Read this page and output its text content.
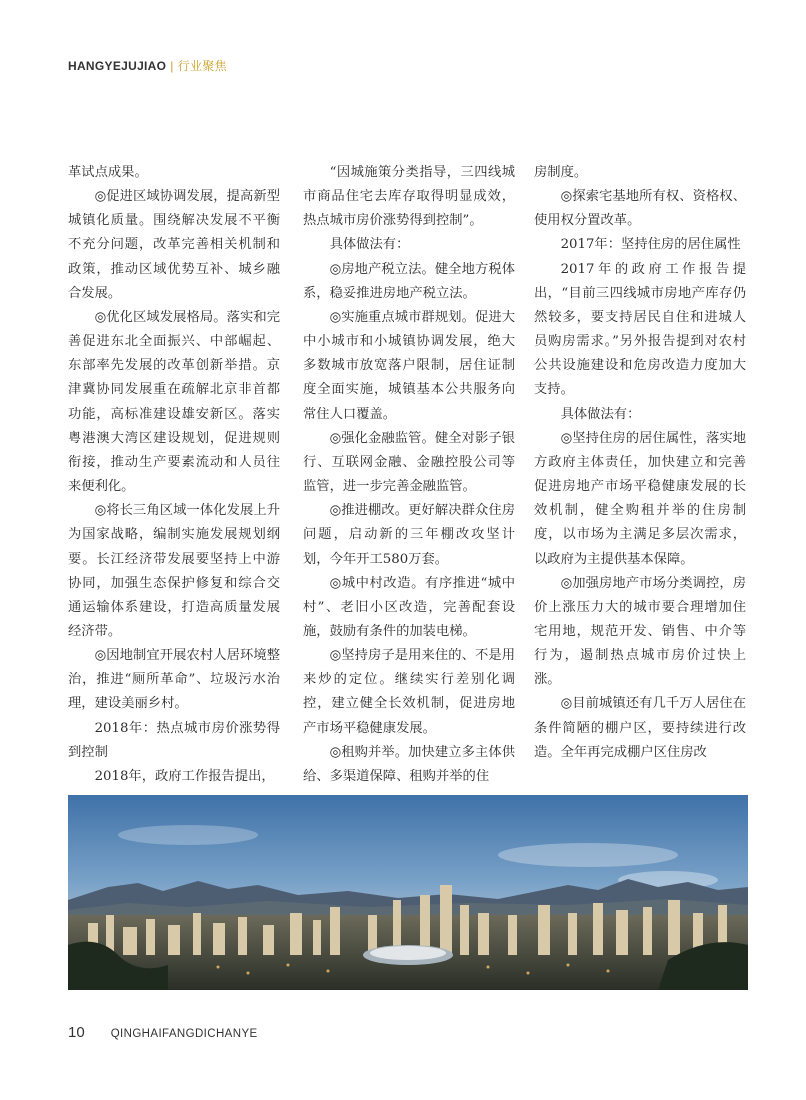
HANGYEJUJIAO | 行业聚焦

革试点成果。

◎促进区域协调发展，提高新型城镇化质量。围绕解决发展不平衡不充分问题，改革完善相关机制和政策，推动区域优势互补、城乡融合发展。

◎优化区域发展格局。落实和完善促进东北全面振兴、中部崛起、东部率先发展的改革创新举措。京津冀协同发展重在疏解北京非首都功能，高标准建设雄安新区。落实粤港澳大湾区建设规划，促进规则衔接，推动生产要素流动和人员往来便利化。

◎将长三角区域一体化发展上升为国家战略，编制实施发展规划纲要。长江经济带发展要坚持上中游协同，加强生态保护修复和综合交通运输体系建设，打造高质量发展经济带。

◎因地制宜开展农村人居环境整治，推进“厕所革命”、垃圾污水治理，建设美丽乡村。

2018年：热点城市房价涨势得到控制

2018年，政府工作报告提出，

“因城施策分类指导，三四线城市商品住宅去库存取得明显成效，热点城市房价涨势得到控制”。

具体做法有：

◎房地产税立法。健全地方税体系，稳妥推进房地产税立法。

◎实施重点城市群规划。促进大中小城市和小城镇协调发展，绝大多数城市放宽落户限制，居住证制度全面实施，城镇基本公共服务向常住人口覆盖。

◎强化金融监管。健全对影子银行、互联网金融、金融控股公司等监管，进一步完善金融监管。

◎推进棚改。更好解决群众住房问题，启动新的三年棚改攻坚计划，今年开工580万套。

◎城中村改造。有序推进“城中村”、老旧小区改造，完善配套设施，鼓励有条件的加装电梯。

◎坚持房子是用来住的、不是用来炒的定位。继续实行差别化调控，建立健全长效机制，促进房地产市场平稳健康发展。

◎租购并举。加快建立多主体供给、多渠道保障、租购并举的住

房制度。

◎探索宅基地所有权、资格权、使用权分置改革。

2017年：坚持住房的居住属性

2017年的政府工作报告提出，“目前三四线城市房地产库存仍然较多，要支持居民自住和进城人员购房需求。”另外报告提到对农村公共设施建设和危房改造力度加大支持。

具体做法有：

◎坚持住房的居住属性，落实地方政府主体责任，加快建立和完善促进房地产市场平稳健康发展的长效机制，健全购租并举的住房制度，以市场为主满足多层次需求，以政府为主提供基本保障。

◎加强房地产市场分类调控，房价上涨压力大的城市要合理增加住宅用地，规范开发、销售、中介等行为，遏制热点城市房价过快上涨。

◎目前城镇还有几千万人居住在条件简陋的棚户区，要持续进行改造。全年再完成棚户区住房改

10 QINGHAIFANGDICHANYE
